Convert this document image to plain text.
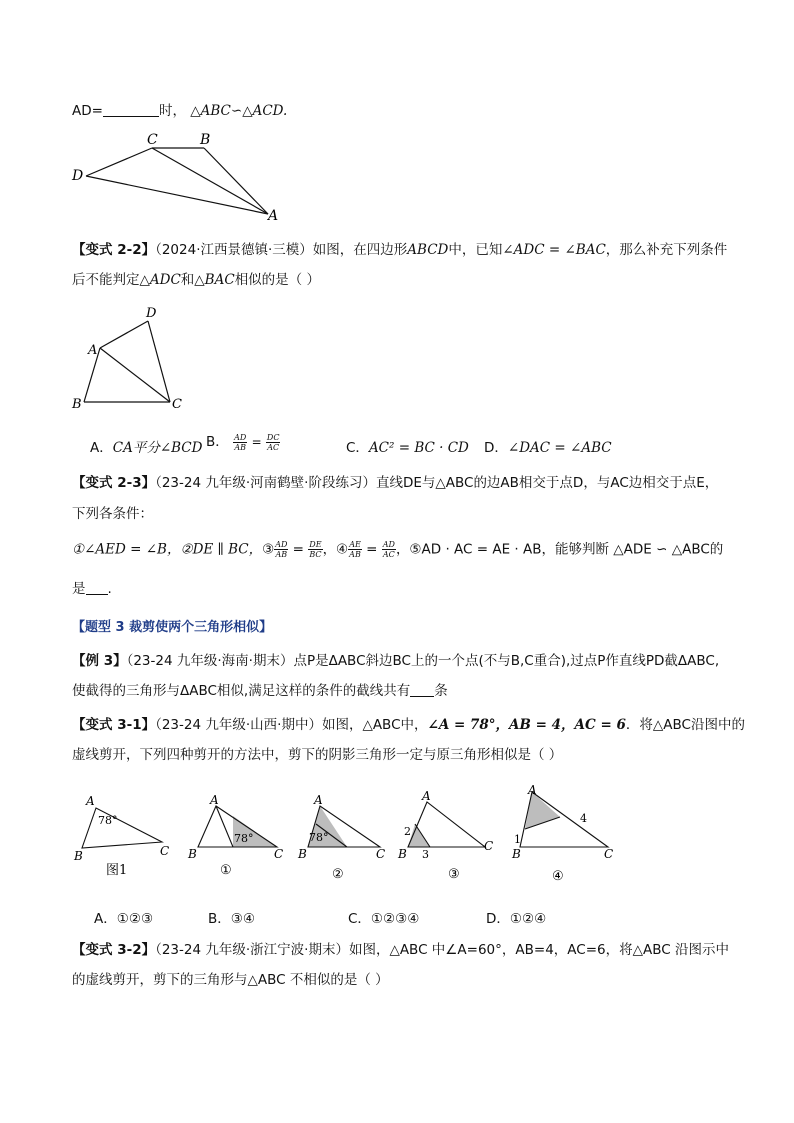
AD=	时， △ABC∽△ACD.
C	B
D
A
【变式 2-2】（2024·江西景德镇·三模）如图，在四边形ABCD中，已知∠ADC = ∠BAC，那么补充下列条件
后不能判定△ADC和△BAC相似的是（ ）
D
A
B	C
A．CA平分∠BCD B． $\frac{AD}{AB} = \frac{DC}{AC}$	C．AC² = BC · CD D．∠DAC = ∠ABC
【变式 2-3】（23-24 九年级·河南鹤壁·阶段练习）直线DE与△ABC的边AB相交于点D，与AC边相交于点E，
下列各条件：
①∠AED = ∠B，②DE ∥ BC，③ $\frac{AD}{AB} = \frac{DE}{BC}$ ，④ $\frac{AE}{AB} = \frac{AD}{AC}$ ，⑤AD · AC = AE · AB，能够判断 △ADE ∽ △ABC的
是 .
【题型 3 裁剪使两个三角形相似】
【例 3】（23-24 九年级·海南·期末）点P是ΔABC斜边BC上的一个点(不与B,C重合),过点P作直线PD截ΔABC,
使截得的三角形与ΔABC相似,满足这样的条件的截线共有 条
【变式 3-1】（23-24 九年级·山西·期中）如图，△ABC中，∠A = 78°，AB = 4，AC = 6．将△ABC沿图中的
虚线剪开，下列四种剪开的方法中，剪下的阴影三角形一定与原三角形相似是（ ）
A
B	C
78°
图1
A
B	C
78°
①
A
B	C
78°
②
A
B
C
2
3
③
A
B	C
1
4
④
A．①②③	B．③④	C．①②③④	D．①②④
【变式 3-2】（23-24 九年级·浙江宁波·期末）如图，△ABC 中∠A=60°，AB=4，AC=6，将△ABC 沿图示中
的虚线剪开，剪下的三角形与△ABC 不相似的是（ ）
